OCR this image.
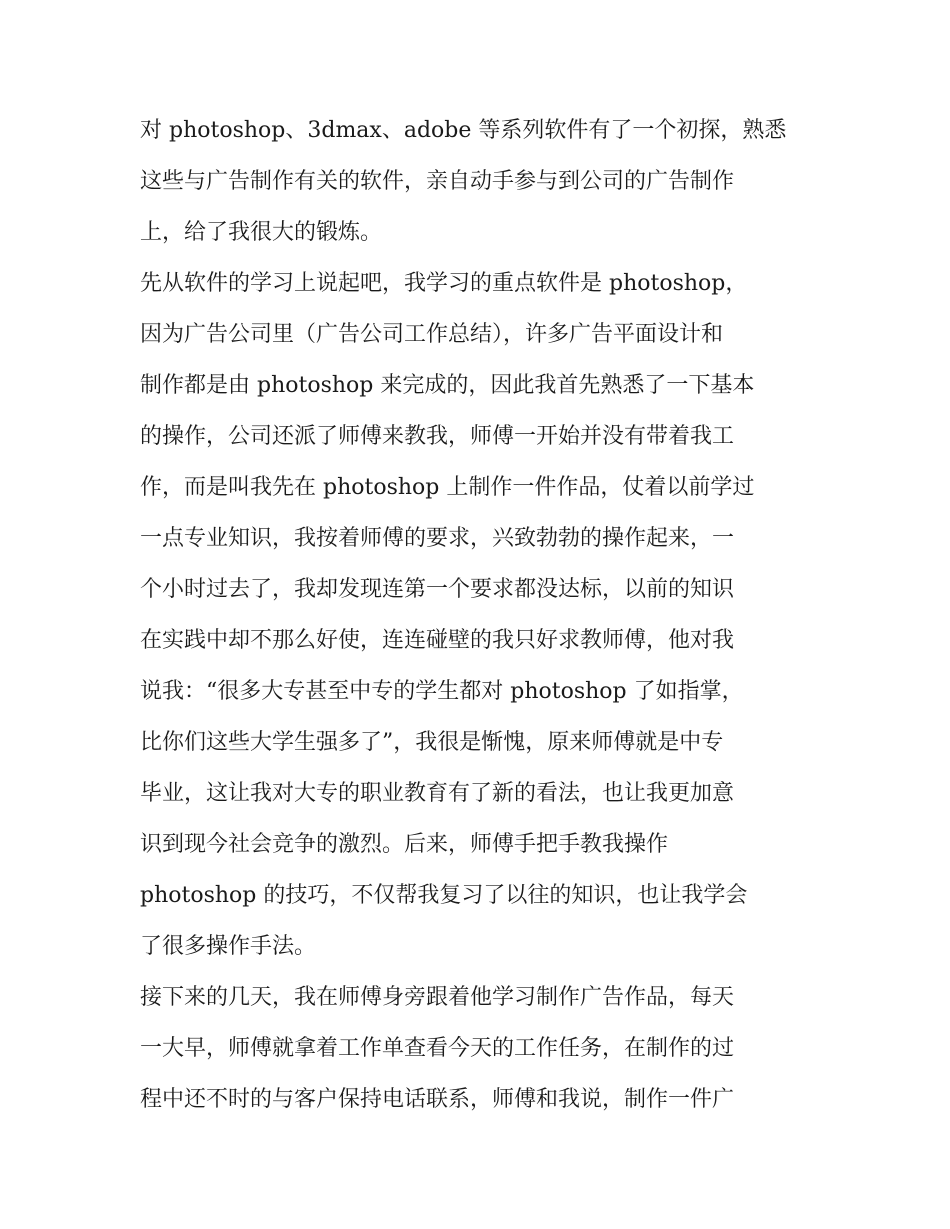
对 photoshop、3dmax、adobe 等系列软件有了一个初探，熟悉
这些与广告制作有关的软件，亲自动手参与到公司的广告制作
上，给了我很大的锻炼。
先从软件的学习上说起吧，我学习的重点软件是 photoshop，
因为广告公司里（广告公司工作总结），许多广告平面设计和
制作都是由 photoshop 来完成的，因此我首先熟悉了一下基本
的操作，公司还派了师傅来教我，师傅一开始并没有带着我工
作，而是叫我先在 photoshop 上制作一件作品，仗着以前学过
一点专业知识，我按着师傅的要求，兴致勃勃的操作起来，一
个小时过去了，我却发现连第一个要求都没达标，以前的知识
在实践中却不那么好使，连连碰壁的我只好求教师傅，他对我
说我：“很多大专甚至中专的学生都对 photoshop 了如指掌，
比你们这些大学生强多了”，我很是惭愧，原来师傅就是中专
毕业，这让我对大专的职业教育有了新的看法，也让我更加意
识到现今社会竞争的激烈。后来，师傅手把手教我操作
photoshop 的技巧，不仅帮我复习了以往的知识，也让我学会
了很多操作手法。
接下来的几天，我在师傅身旁跟着他学习制作广告作品，每天
一大早，师傅就拿着工作单查看今天的工作任务，在制作的过
程中还不时的与客户保持电话联系，师傅和我说，制作一件广
